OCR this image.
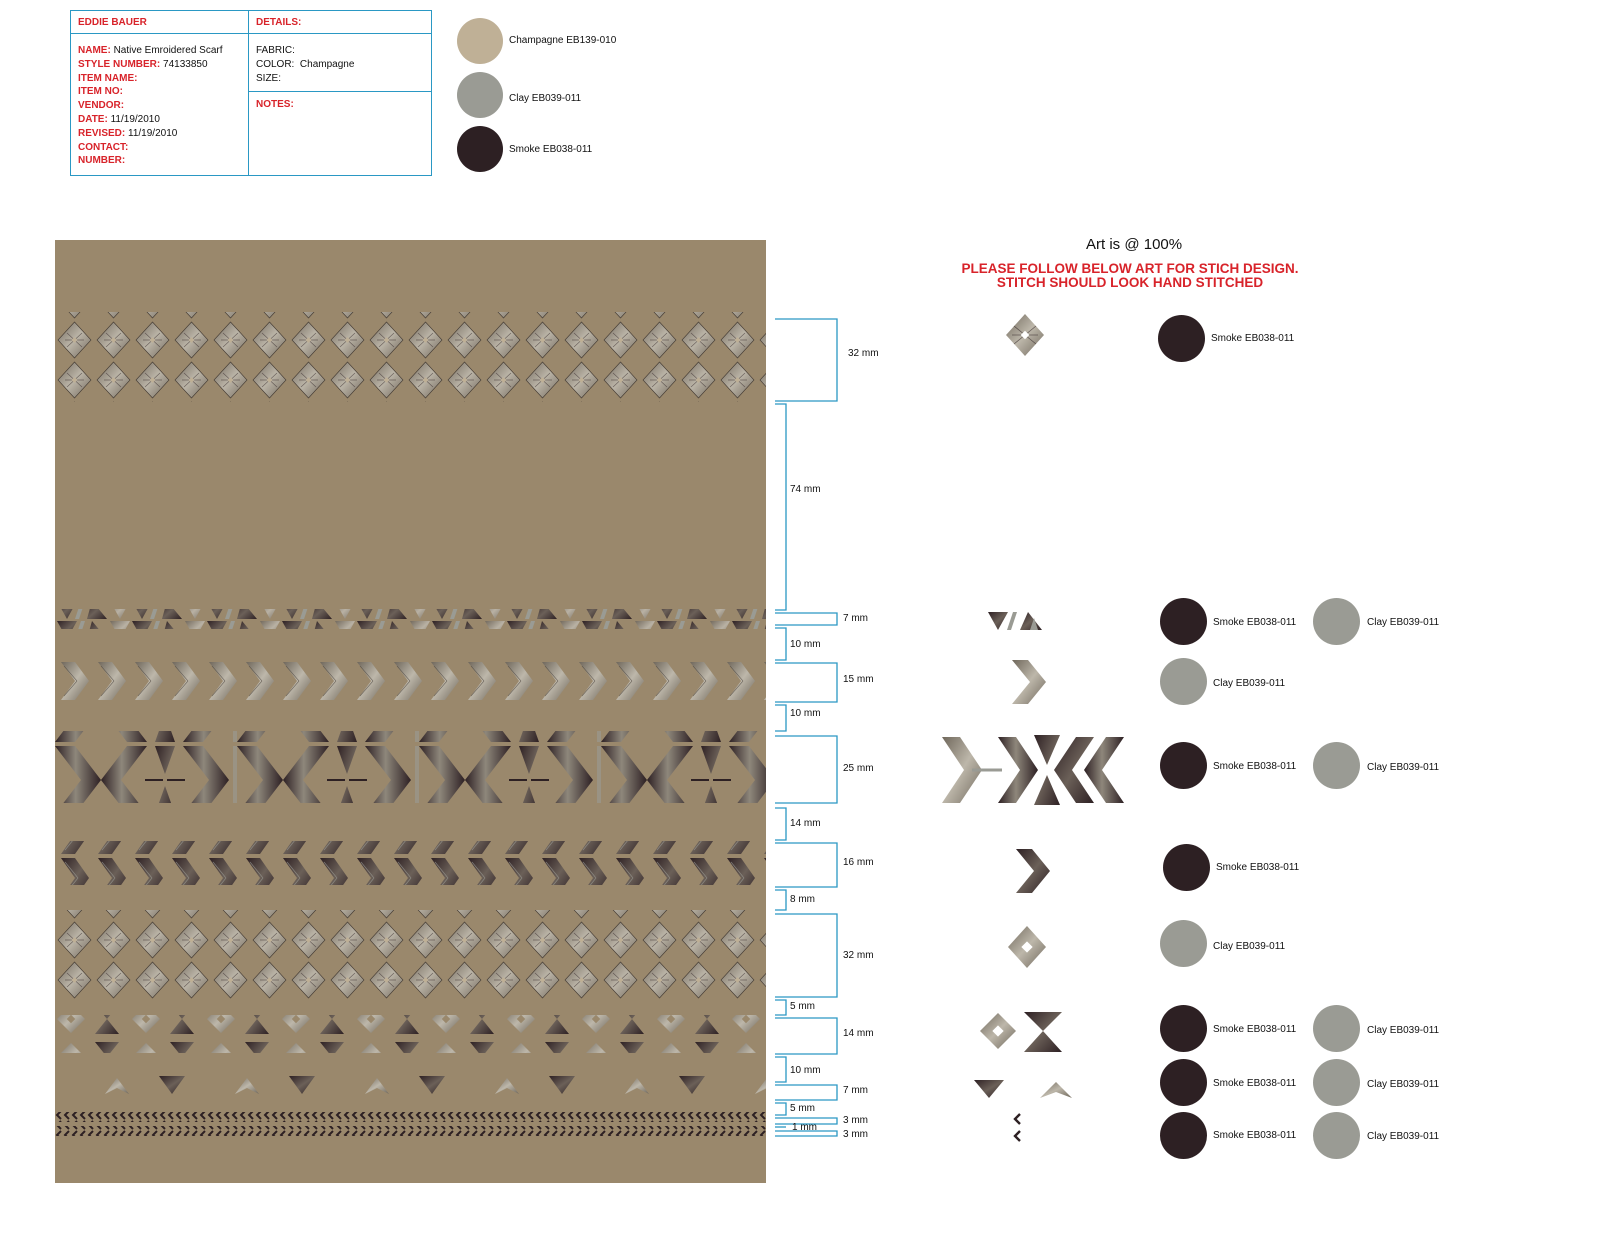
EDDIE BAUER
NAME: Native Emroidered Scarf
STYLE NUMBER: 74133850
ITEM NAME:
ITEM NO:
VENDOR:
DATE: 11/19/2010
REVISED: 11/19/2010
CONTACT:
NUMBER:
DETAILS:
FABRIC:
COLOR: Champagne
SIZE:
NOTES:
Champagne EB139-010
Clay EB039-011
Smoke EB038-011
32 mm
74 mm
7 mm
10 mm
15 mm
10 mm
25 mm
14 mm
16 mm
8 mm
32 mm
5 mm
14 mm
10 mm
7 mm
5 mm
3 mm
1 mm
3 mm
Art is @ 100%
PLEASE FOLLOW BELOW ART FOR STICH DESIGN.
STITCH SHOULD LOOK HAND STITCHED
Smoke EB038-011
Smoke EB038-011	Clay EB039-011
Clay EB039-011
Smoke EB038-011	Clay EB039-011
Smoke EB038-011
Clay EB039-011
Smoke EB038-011	Clay EB039-011
Smoke EB038-011	Clay EB039-011
Smoke EB038-011	Clay EB039-011
